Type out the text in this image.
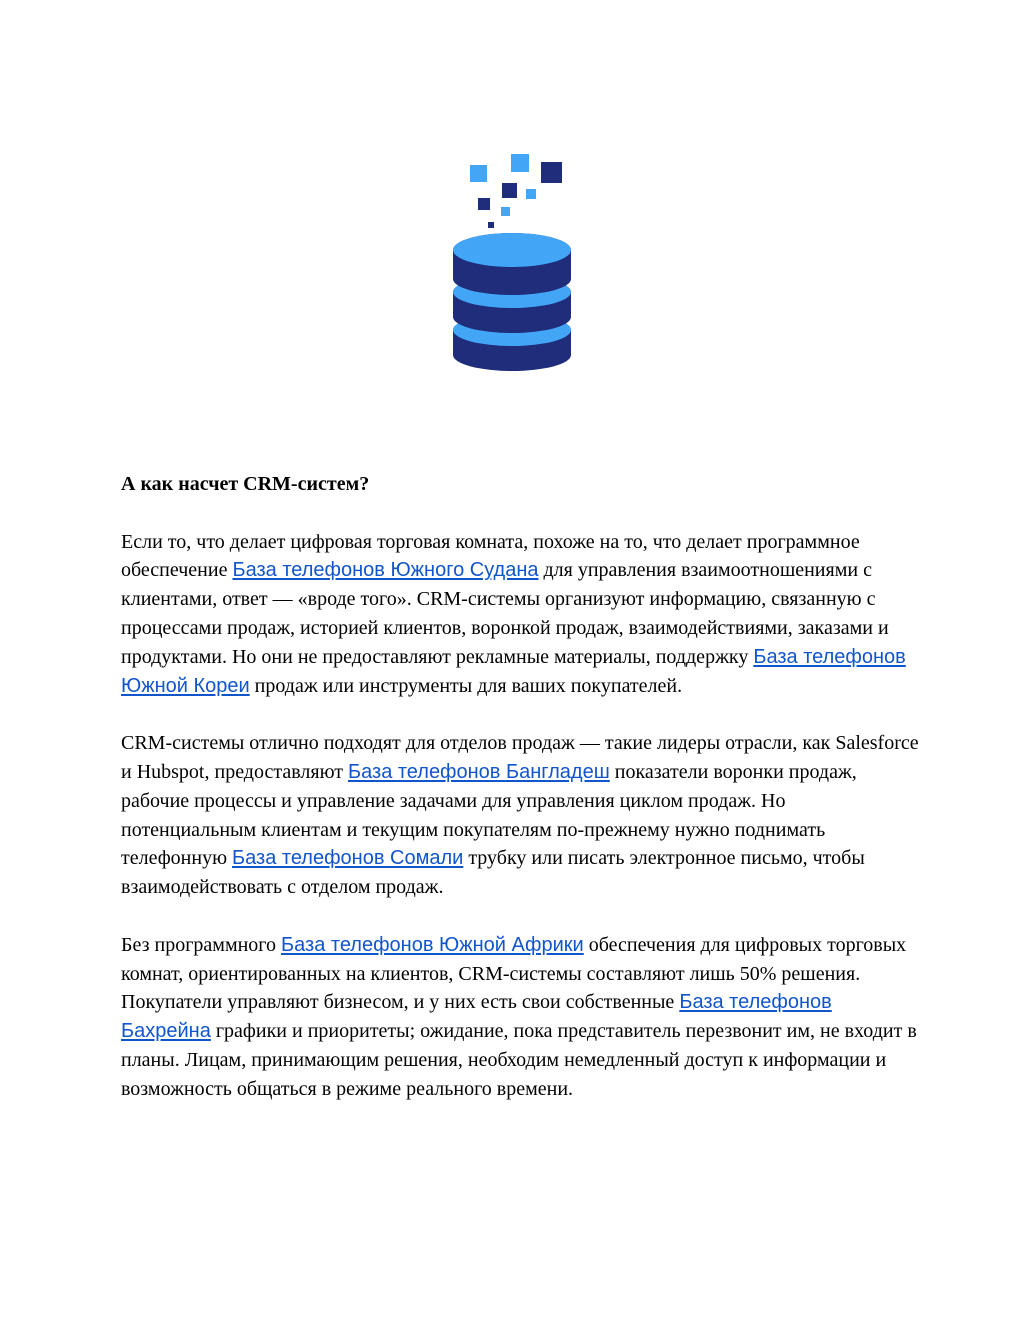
А как насчет CRM-систем?
Если то, что делает цифровая торговая комната, похоже на то, что делает программное обеспечение База телефонов Южного Судана для управления взаимоотношениями с клиентами, ответ — «вроде того». CRM-системы организуют информацию, связанную с процессами продаж, историей клиентов, воронкой продаж, взаимодействиями, заказами и продуктами. Но они не предоставляют рекламные материалы, поддержку База телефонов Южной Кореи продаж или инструменты для ваших покупателей.
CRM-системы отлично подходят для отделов продаж — такие лидеры отрасли, как Salesforce и Hubspot, предоставляют База телефонов Бангладеш показатели воронки продаж, рабочие процессы и управление задачами для управления циклом продаж. Но потенциальным клиентам и текущим покупателям по-прежнему нужно поднимать телефонную База телефонов Сомали трубку или писать электронное письмо, чтобы взаимодействовать с отделом продаж.
Без программного База телефонов Южной Африки обеспечения для цифровых торговых комнат, ориентированных на клиентов, CRM-системы составляют лишь 50% решения. Покупатели управляют бизнесом, и у них есть свои собственные База телефонов Бахрейна графики и приоритеты; ожидание, пока представитель перезвонит им, не входит в планы. Лицам, принимающим решения, необходим немедленный доступ к информации и возможность общаться в режиме реального времени.
